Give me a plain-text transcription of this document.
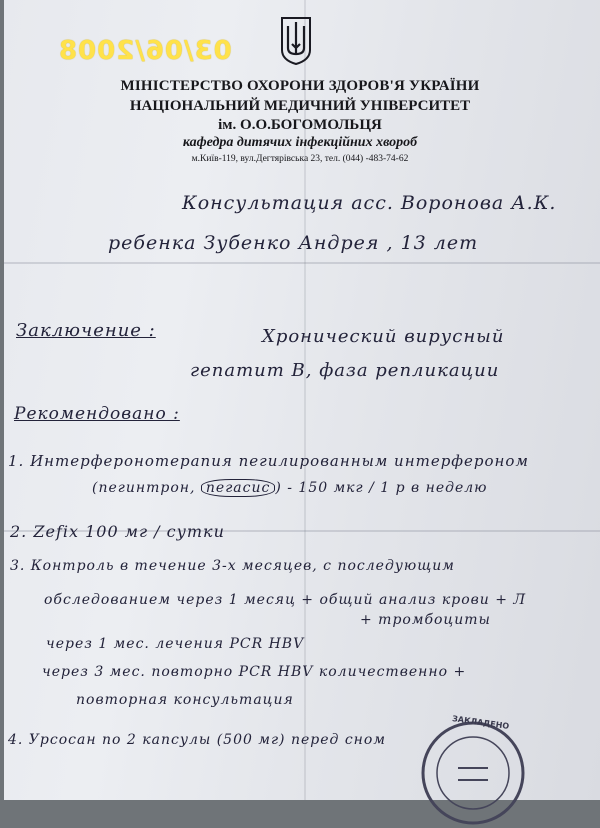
03/06/2008
МІНІСТЕРСТВО ОХОРОНИ ЗДОРОВ'Я УКРАЇНИ
НАЦІОНАЛЬНИЙ МЕДИЧНИЙ УНІВЕРСИТЕТ
ім. О.О.БОГОМОЛЬЦЯ
кафедра дитячих інфекційних хвороб
м.Київ-119, вул.Дегтярівська 23, тел. (044) -483-74-62
Консультация асс. Воронова А.К.
ребенка Зубенко Андрея , 13 лет
Заключение :	Хронический вирусный
гепатит В, фаза репликации
Рекомендовано :
1. Интерферонотерапия пегилированным интерфероном
(пегинтрон, пегасис ) - 150 мкг / 1 р в неделю
2. Zefix 100 мг / сутки
3. Контроль в течение 3-х месяцев, с последующим
обследованием через 1 месяц + общий анализ крови + Л
+ тромбоциты
через 1 мес. лечения PCR HBV
через 3 мес. повторно PCR HBV количественно +
повторная консультация
4. Урсосан по 2 капсулы (500 мг) перед сном
ЗАКЛАДЕНО
